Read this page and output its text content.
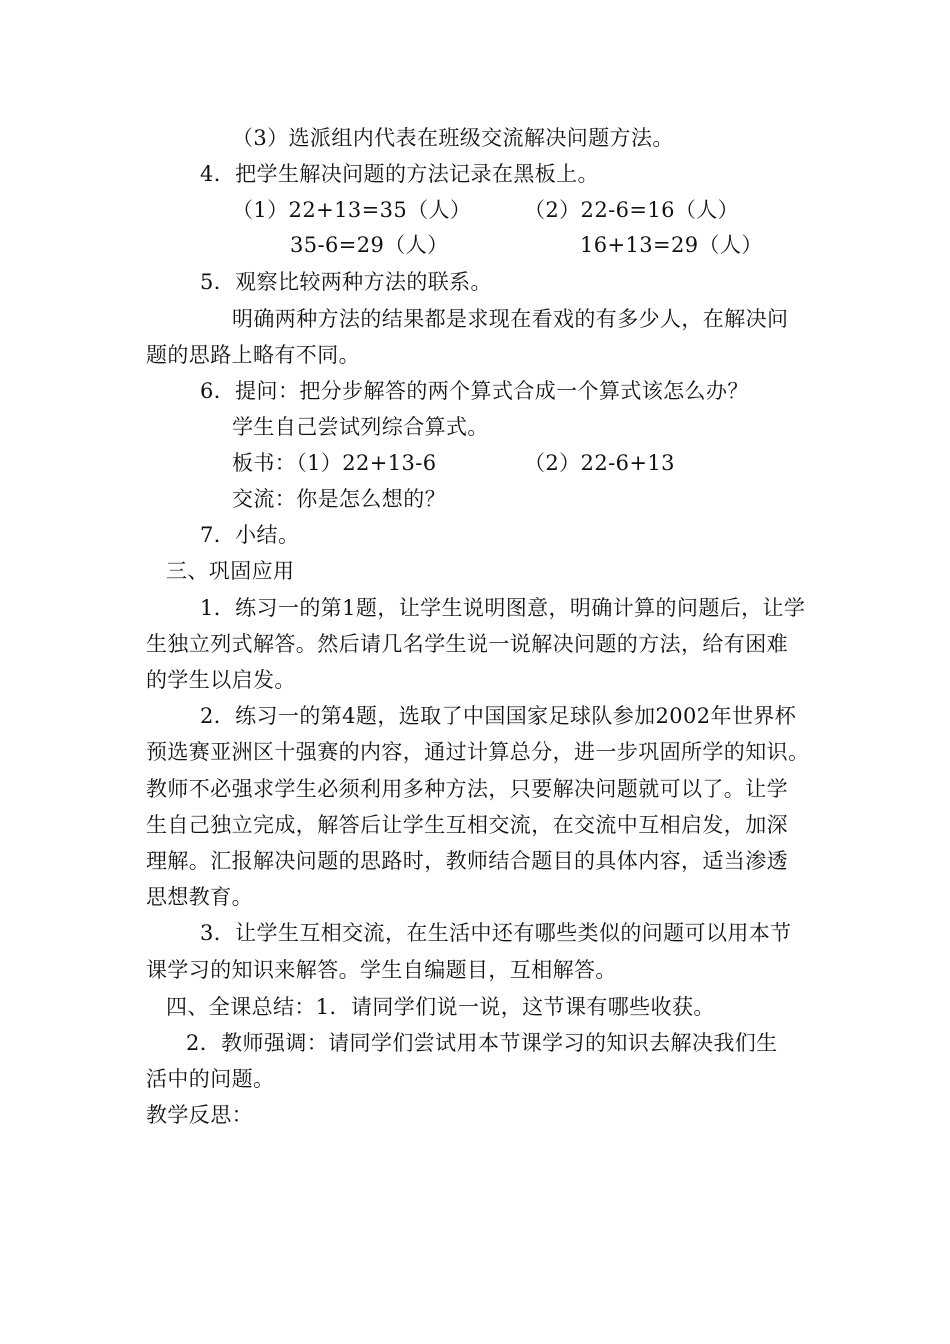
（3）选派组内代表在班级交流解决问题方法。
4．把学生解决问题的方法记录在黑板上。
（1）22+13=35（人）	（2）22-6=16（人）
35-6=29（人）	16+13=29（人）
5．观察比较两种方法的联系。
明确两种方法的结果都是求现在看戏的有多少人，在解决问
题的思路上略有不同。
6．提问：把分步解答的两个算式合成一个算式该怎么办？
学生自己尝试列综合算式。
板书：（1）22+13-6	（2）22-6+13
交流：你是怎么想的？
7．小结。
三、巩固应用
1．练习一的第1题，让学生说明图意，明确计算的问题后，让学
生独立列式解答。然后请几名学生说一说解决问题的方法，给有困难
的学生以启发。
2．练习一的第4题，选取了中国国家足球队参加2002年世界杯
预选赛亚洲区十强赛的内容，通过计算总分，进一步巩固所学的知识。
教师不必强求学生必须利用多种方法，只要解决问题就可以了。让学
生自己独立完成，解答后让学生互相交流，在交流中互相启发，加深
理解。汇报解决问题的思路时，教师结合题目的具体内容，适当渗透
思想教育。
3．让学生互相交流，在生活中还有哪些类似的问题可以用本节
课学习的知识来解答。学生自编题目，互相解答。
四、全课总结：1．请同学们说一说，这节课有哪些收获。
2．教师强调：请同学们尝试用本节课学习的知识去解决我们生
活中的问题。
教学反思：
